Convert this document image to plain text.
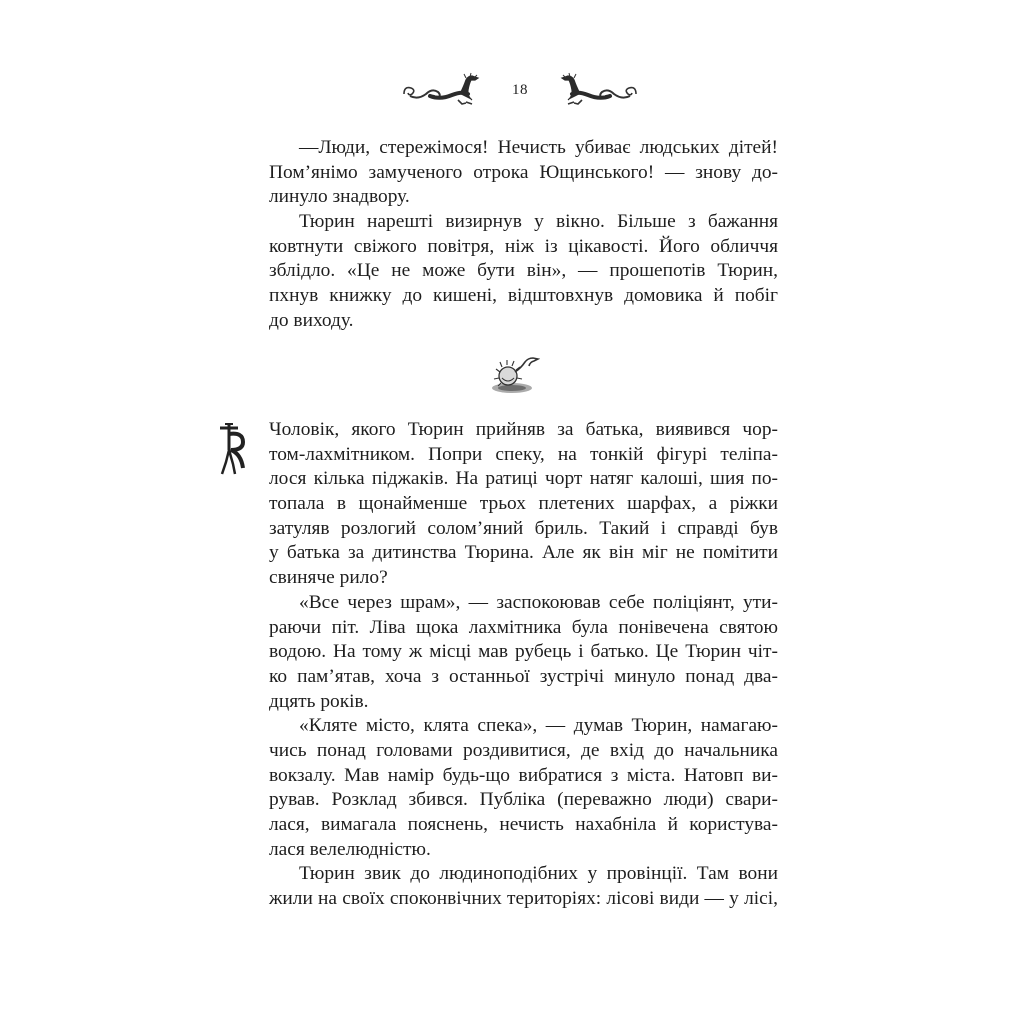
18
—Люди, стережімося! Нечисть убиває людських дітей!
Пом’янімо замученого отрока Ющинського! — знову до-
линуло знадвору.
Тюрин нарешті визирнув у вікно. Більше з бажання
ковтнути свіжого повітря, ніж із цікавості. Його обличчя
зблідло. «Це не може бути він», — прошепотів Тюрин,
пхнув книжку до кишені, відштовхнув домовика й побіг
до виходу.
Чоловік, якого Тюрин прийняв за батька, виявився чор-
том-лахмітником. Попри спеку, на тонкій фігурі теліпа-
лося кілька піджаків. На ратиці чорт натяг калоші, шия по-
топала в щонайменше трьох плетених шарфах, а ріжки
затуляв розлогий солом’яний бриль. Такий і справді був
у батька за дитинства Тюрина. Але як він міг не помітити
свиняче рило?
«Все через шрам», — заспокоював себе поліціянт, ути-
раючи піт. Ліва щока лахмітника була понівечена святою
водою. На тому ж місці мав рубець і батько. Це Тюрин чіт-
ко пам’ятав, хоча з останньої зустрічі минуло понад два-
дцять років.
«Кляте місто, клята спека», — думав Тюрин, намагаю-
чись понад головами роздивитися, де вхід до начальника
вокзалу. Мав намір будь-що вибратися з міста. Натовп ви-
рував. Розклад збився. Публіка (переважно люди) свари-
лася, вимагала пояснень, нечисть нахабніла й користува-
лася велелюдністю.
Тюрин звик до людиноподібних у провінції. Там вони
жили на своїх споконвічних територіях: лісові види — у лісі,
